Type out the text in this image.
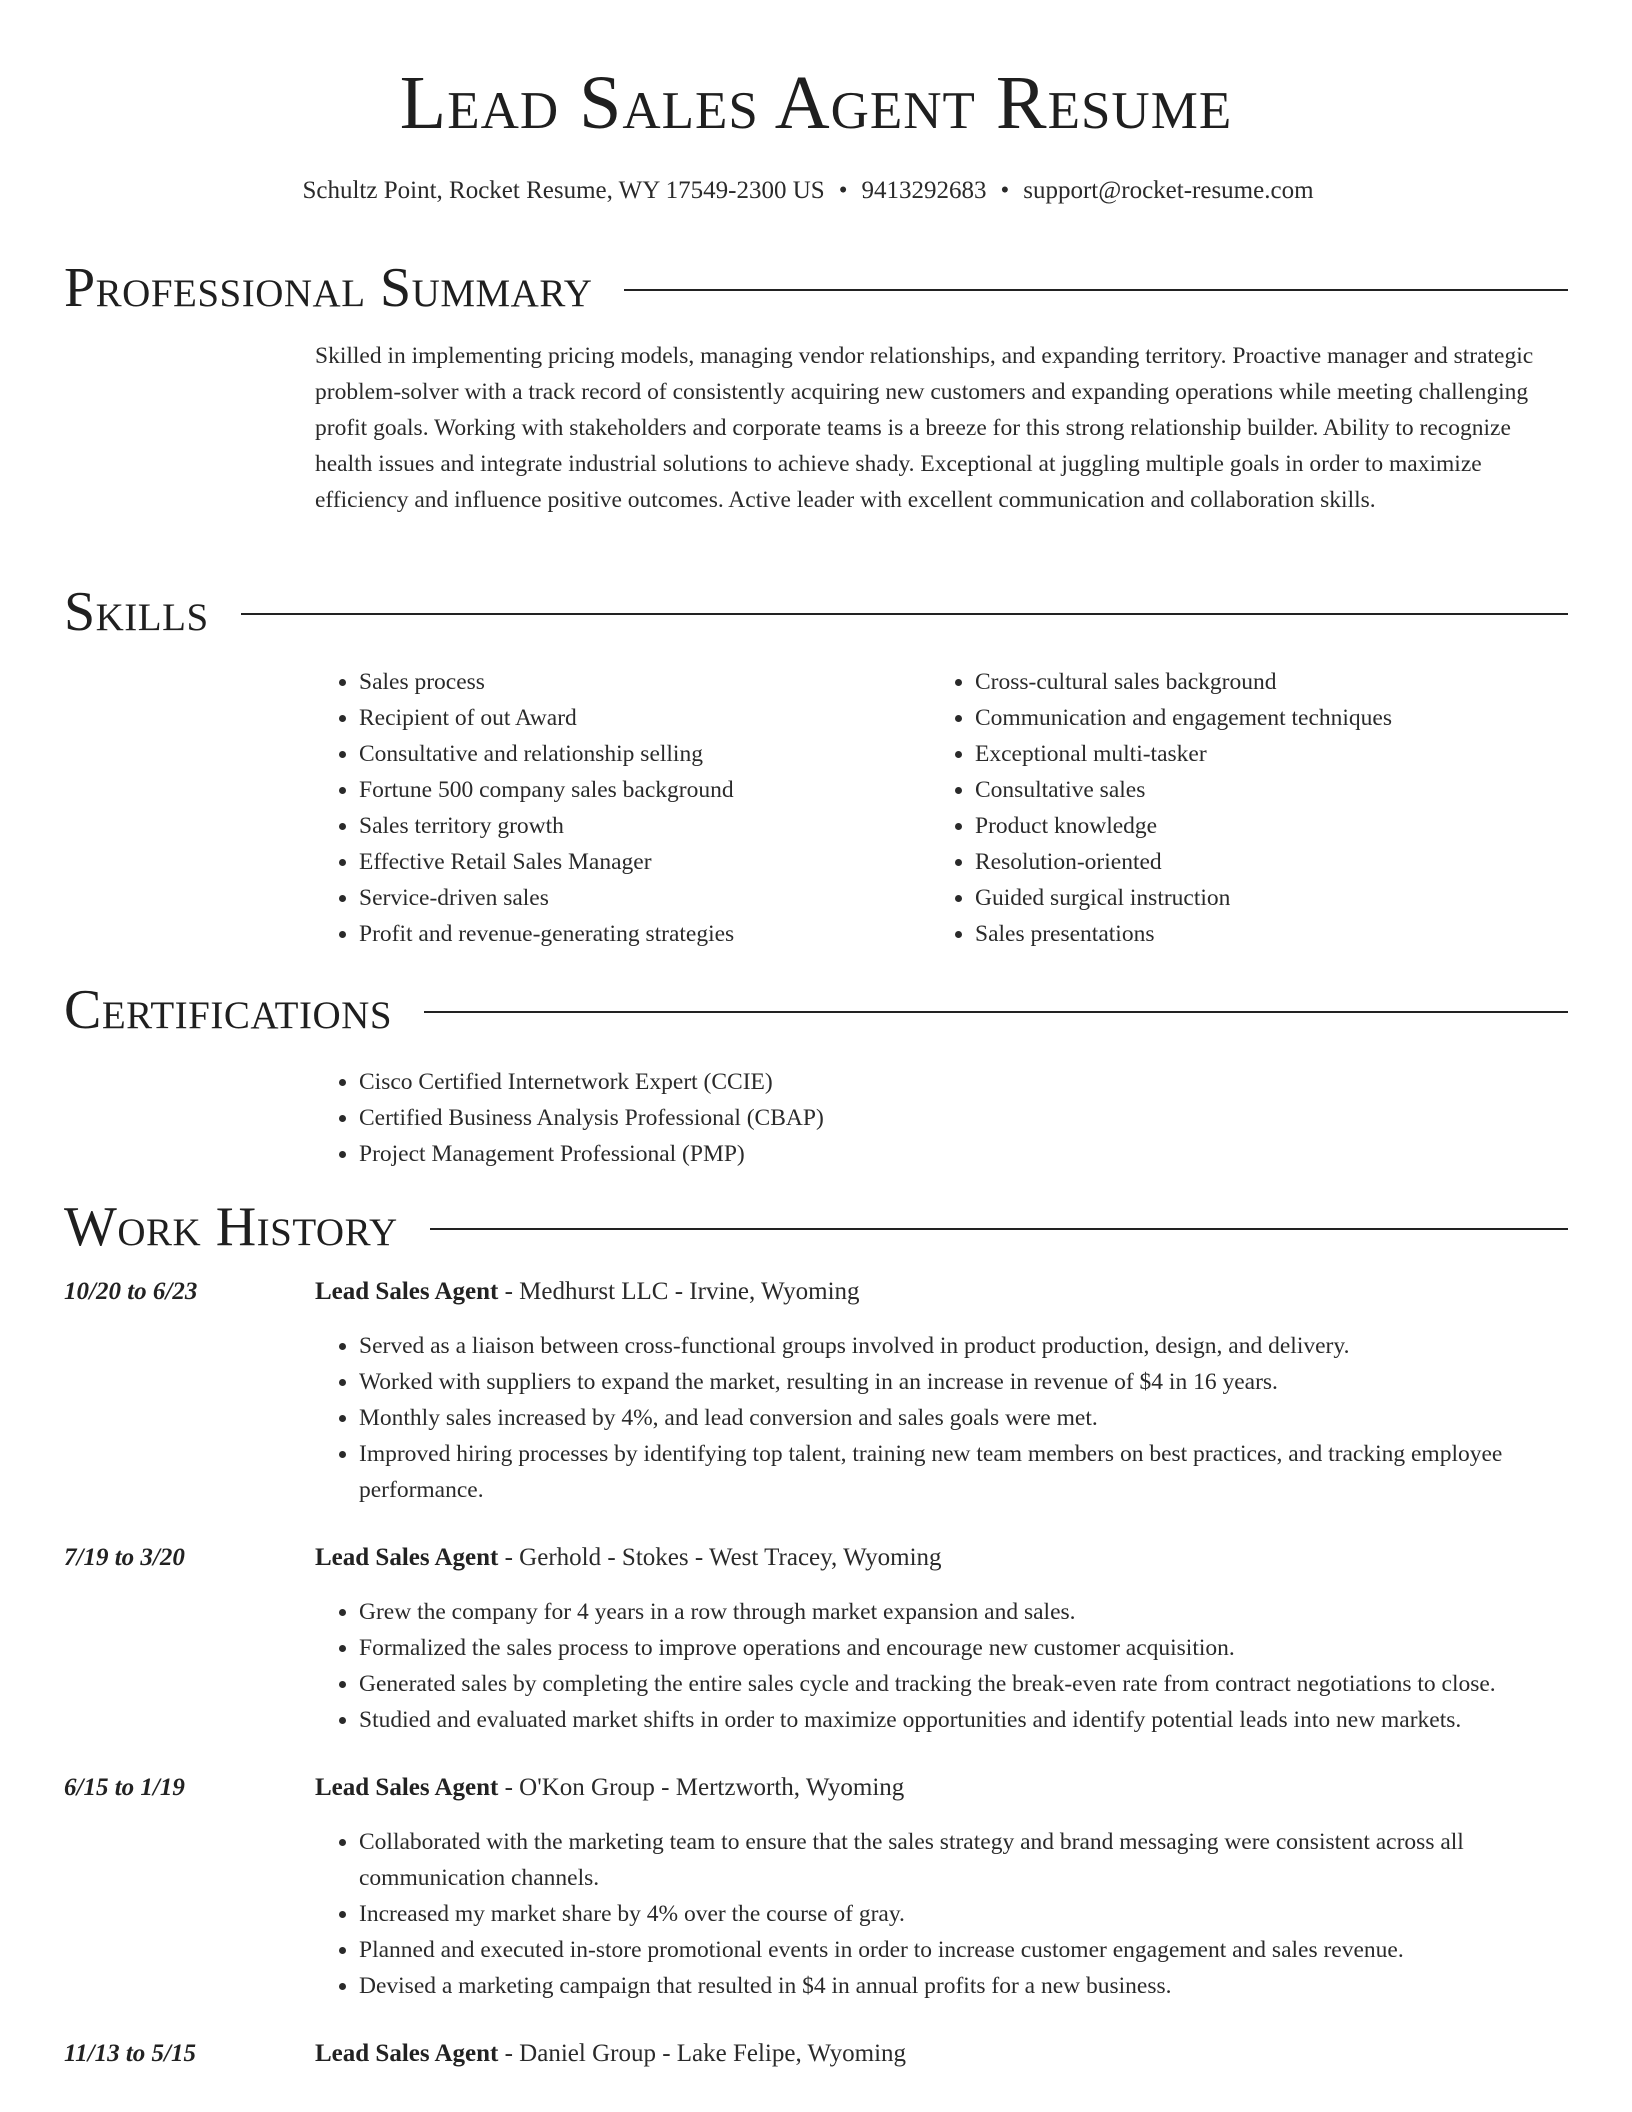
Lead Sales Agent Resume
Schultz Point, Rocket Resume, WY 17549-2300 US • 9413292683 • support@rocket-resume.com
Professional Summary
Skilled in implementing pricing models, managing vendor relationships, and expanding territory. Proactive manager and strategic problem-solver with a track record of consistently acquiring new customers and expanding operations while meeting challenging profit goals. Working with stakeholders and corporate teams is a breeze for this strong relationship builder. Ability to recognize health issues and integrate industrial solutions to achieve shady. Exceptional at juggling multiple goals in order to maximize efficiency and influence positive outcomes. Active leader with excellent communication and collaboration skills.
Skills
• Sales process
• Recipient of out Award
• Consultative and relationship selling
• Fortune 500 company sales background
• Sales territory growth
• Effective Retail Sales Manager
• Service-driven sales
• Profit and revenue-generating strategies
• Cross-cultural sales background
• Communication and engagement techniques
• Exceptional multi-tasker
• Consultative sales
• Product knowledge
• Resolution-oriented
• Guided surgical instruction
• Sales presentations
Certifications
• Cisco Certified Internetwork Expert (CCIE)
• Certified Business Analysis Professional (CBAP)
• Project Management Professional (PMP)
Work History
10/20 to 6/23	Lead Sales Agent - Medhurst LLC - Irvine, Wyoming
• Served as a liaison between cross-functional groups involved in product production, design, and delivery.
• Worked with suppliers to expand the market, resulting in an increase in revenue of $4 in 16 years.
• Monthly sales increased by 4%, and lead conversion and sales goals were met.
• Improved hiring processes by identifying top talent, training new team members on best practices, and tracking employee performance.
7/19 to 3/20	Lead Sales Agent - Gerhold - Stokes - West Tracey, Wyoming
• Grew the company for 4 years in a row through market expansion and sales.
• Formalized the sales process to improve operations and encourage new customer acquisition.
• Generated sales by completing the entire sales cycle and tracking the break-even rate from contract negotiations to close.
• Studied and evaluated market shifts in order to maximize opportunities and identify potential leads into new markets.
6/15 to 1/19	Lead Sales Agent - O'Kon Group - Mertzworth, Wyoming
• Collaborated with the marketing team to ensure that the sales strategy and brand messaging were consistent across all communication channels.
• Increased my market share by 4% over the course of gray.
• Planned and executed in-store promotional events in order to increase customer engagement and sales revenue.
• Devised a marketing campaign that resulted in $4 in annual profits for a new business.
11/13 to 5/15	Lead Sales Agent - Daniel Group - Lake Felipe, Wyoming
